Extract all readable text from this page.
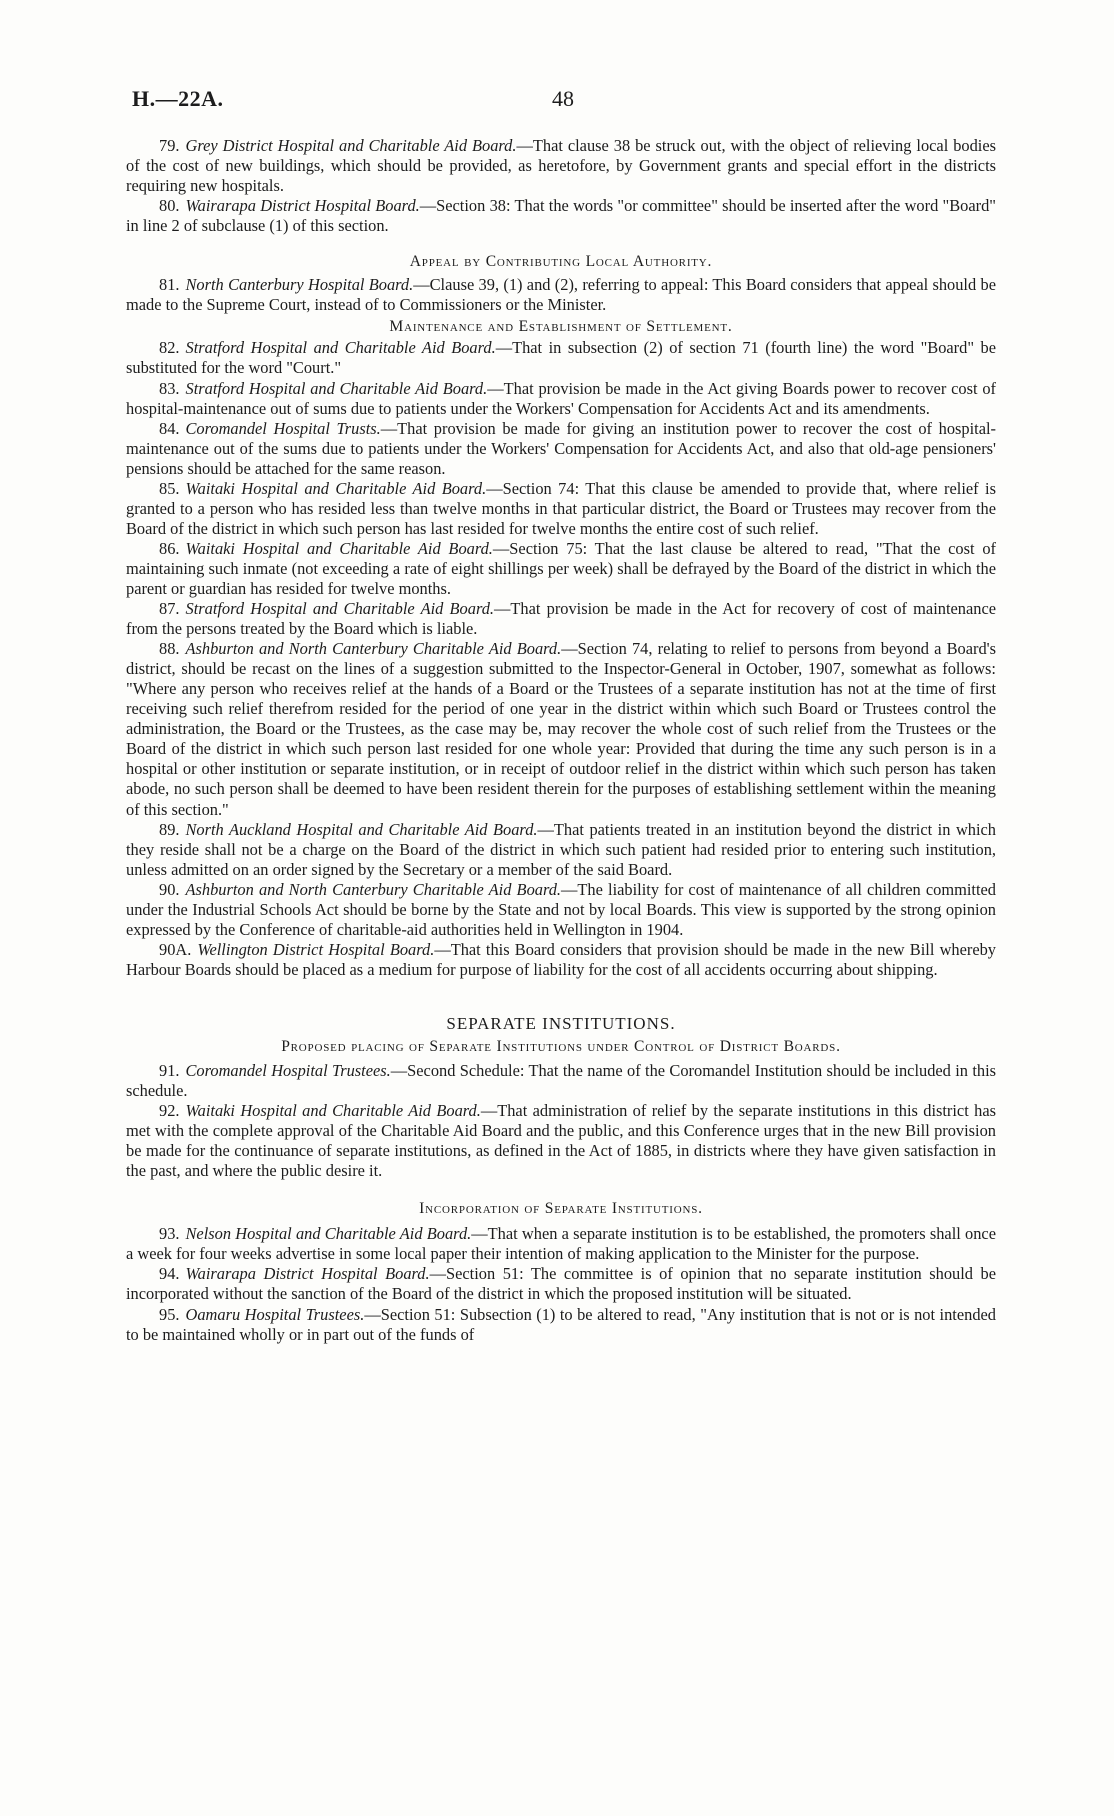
H.—22A.	48

79. Grey District Hospital and Charitable Aid Board.—That clause 38 be struck out, with the object of relieving local bodies of the cost of new buildings, which should be provided, as heretofore, by Government grants and special effort in the districts requiring new hospitals.

80. Wairarapa District Hospital Board.—Section 38: That the words "or committee" should be inserted after the word "Board" in line 2 of subclause (1) of this section.

Appeal by Contributing Local Authority.

81. North Canterbury Hospital Board.—Clause 39, (1) and (2), referring to appeal: This Board considers that appeal should be made to the Supreme Court, instead of to Commissioners or the Minister.

Maintenance and Establishment of Settlement.

82. Stratford Hospital and Charitable Aid Board.—That in subsection (2) of section 71 (fourth line) the word "Board" be substituted for the word "Court."

83. Stratford Hospital and Charitable Aid Board.—That provision be made in the Act giving Boards power to recover cost of hospital-maintenance out of sums due to patients under the Workers' Compensation for Accidents Act and its amendments.

84. Coromandel Hospital Trusts.—That provision be made for giving an institution power to recover the cost of hospital-maintenance out of the sums due to patients under the Workers' Compensation for Accidents Act, and also that old-age pensioners' pensions should be attached for the same reason.

85. Waitaki Hospital and Charitable Aid Board.—Section 74: That this clause be amended to provide that, where relief is granted to a person who has resided less than twelve months in that particular district, the Board or Trustees may recover from the Board of the district in which such person has last resided for twelve months the entire cost of such relief.

86. Waitaki Hospital and Charitable Aid Board.—Section 75: That the last clause be altered to read, "That the cost of maintaining such inmate (not exceeding a rate of eight shillings per week) shall be defrayed by the Board of the district in which the parent or guardian has resided for twelve months.

87. Stratford Hospital and Charitable Aid Board.—That provision be made in the Act for recovery of cost of maintenance from the persons treated by the Board which is liable.

88. Ashburton and North Canterbury Charitable Aid Board.—Section 74, relating to relief to persons from beyond a Board's district, should be recast on the lines of a suggestion submitted to the Inspector-General in October, 1907, somewhat as follows: "Where any person who receives relief at the hands of a Board or the Trustees of a separate institution has not at the time of first receiving such relief therefrom resided for the period of one year in the district within which such Board or Trustees control the administration, the Board or the Trustees, as the case may be, may recover the whole cost of such relief from the Trustees or the Board of the district in which such person last resided for one whole year: Provided that during the time any such person is in a hospital or other institution or separate institution, or in receipt of outdoor relief in the district within which such person has taken abode, no such person shall be deemed to have been resident therein for the purposes of establishing settlement within the meaning of this section."

89. North Auckland Hospital and Charitable Aid Board.—That patients treated in an institution beyond the district in which they reside shall not be a charge on the Board of the district in which such patient had resided prior to entering such institution, unless admitted on an order signed by the Secretary or a member of the said Board.

90. Ashburton and North Canterbury Charitable Aid Board.—The liability for cost of maintenance of all children committed under the Industrial Schools Act should be borne by the State and not by local Boards. This view is supported by the strong opinion expressed by the Conference of charitable-aid authorities held in Wellington in 1904.

90A. Wellington District Hospital Board.—That this Board considers that provision should be made in the new Bill whereby Harbour Boards should be placed as a medium for purpose of liability for the cost of all accidents occurring about shipping.

SEPARATE INSTITUTIONS.

Proposed placing of Separate Institutions under Control of District Boards.

91. Coromandel Hospital Trustees.—Second Schedule: That the name of the Coromandel Institution should be included in this schedule.

92. Waitaki Hospital and Charitable Aid Board.—That administration of relief by the separate institutions in this district has met with the complete approval of the Charitable Aid Board and the public, and this Conference urges that in the new Bill provision be made for the continuance of separate institutions, as defined in the Act of 1885, in districts where they have given satisfaction in the past, and where the public desire it.

Incorporation of Separate Institutions.

93. Nelson Hospital and Charitable Aid Board.—That when a separate institution is to be established, the promoters shall once a week for four weeks advertise in some local paper their intention of making application to the Minister for the purpose.

94. Wairarapa District Hospital Board.—Section 51: The committee is of opinion that no separate institution should be incorporated without the sanction of the Board of the district in which the proposed institution will be situated.

95. Oamaru Hospital Trustees.—Section 51: Subsection (1) to be altered to read, "Any institution that is not or is not intended to be maintained wholly or in part out of the funds of
